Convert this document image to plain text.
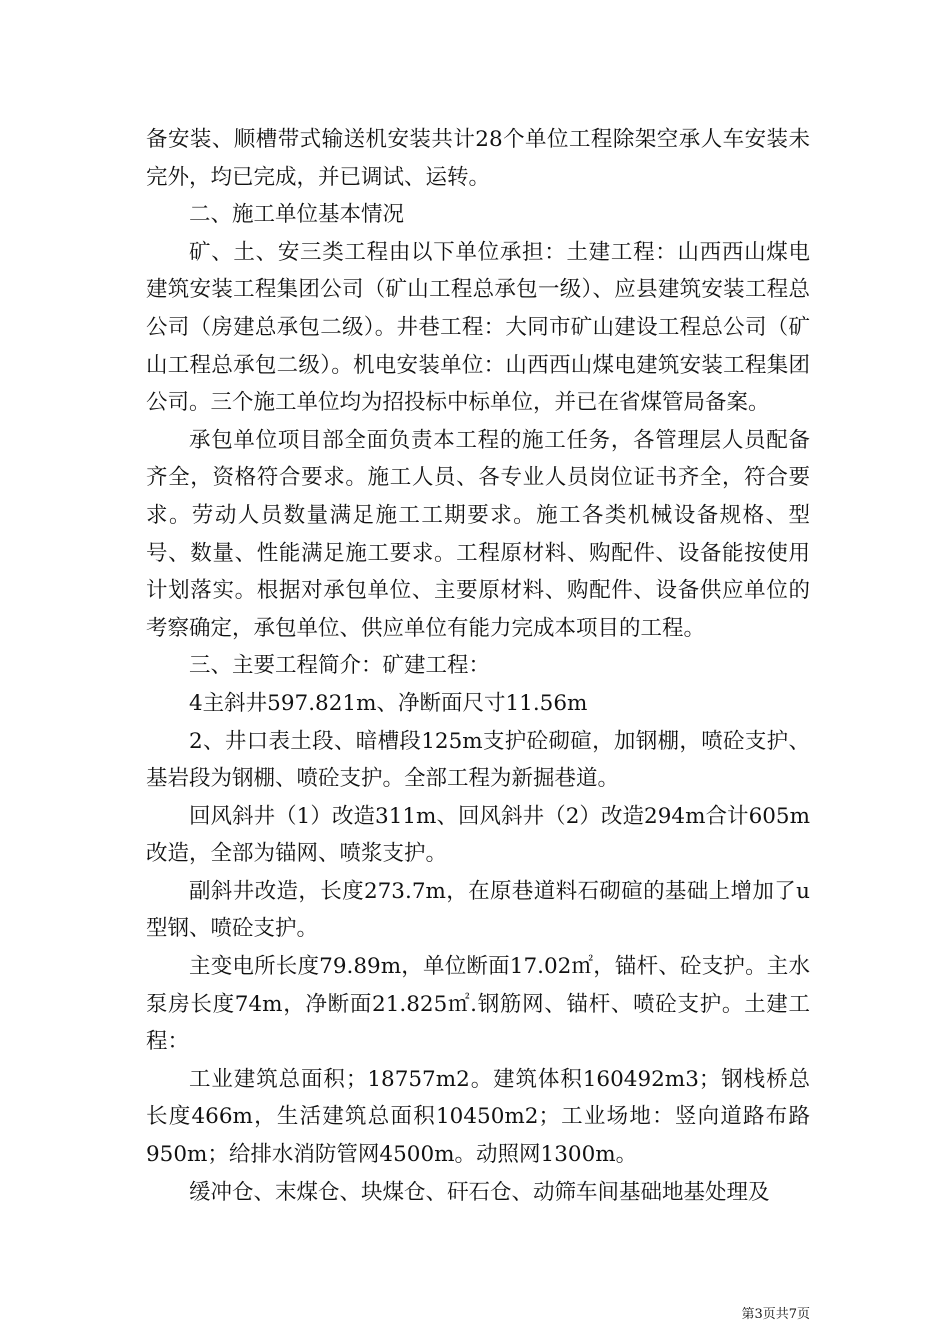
备安装、顺槽带式输送机安装共计28个单位工程除架空承人车安装未完外，均已完成，并已调试、运转。

二、施工单位基本情况

矿、土、安三类工程由以下单位承担：土建工程：山西西山煤电建筑安装工程集团公司（矿山工程总承包一级）、应县建筑安装工程总公司（房建总承包二级）。井巷工程：大同市矿山建设工程总公司（矿山工程总承包二级）。机电安装单位：山西西山煤电建筑安装工程集团公司。三个施工单位均为招投标中标单位，并已在省煤管局备案。

承包单位项目部全面负责本工程的施工任务，各管理层人员配备齐全，资格符合要求。施工人员、各专业人员岗位证书齐全，符合要求。劳动人员数量满足施工工期要求。施工各类机械设备规格、型号、数量、性能满足施工要求。工程原材料、购配件、设备能按使用计划落实。根据对承包单位、主要原材料、购配件、设备供应单位的考察确定，承包单位、供应单位有能力完成本项目的工程。

三、主要工程简介：矿建工程：

4主斜井597.821m、净断面尺寸11.56m

2、井口表土段、暗槽段125m支护砼砌碹，加钢棚，喷砼支护、基岩段为钢棚、喷砼支护。全部工程为新掘巷道。

回风斜井（1）改造311m、回风斜井（2）改造294m合计605m改造，全部为锚网、喷浆支护。

副斜井改造，长度273.7m，在原巷道料石砌碹的基础上增加了u型钢、喷砼支护。

主变电所长度79.89m，单位断面17.02㎡，锚杆、砼支护。主水泵房长度74m，净断面21.825㎡.钢筋网、锚杆、喷砼支护。土建工程：

工业建筑总面积；18757m2。建筑体积160492m3；钢栈桥总长度466m，生活建筑总面积10450m2；工业场地：竖向道路布路950m；给排水消防管网4500m。动照网1300m。

缓冲仓、末煤仓、块煤仓、矸石仓、动筛车间基础地基处理及

第3页共7页
